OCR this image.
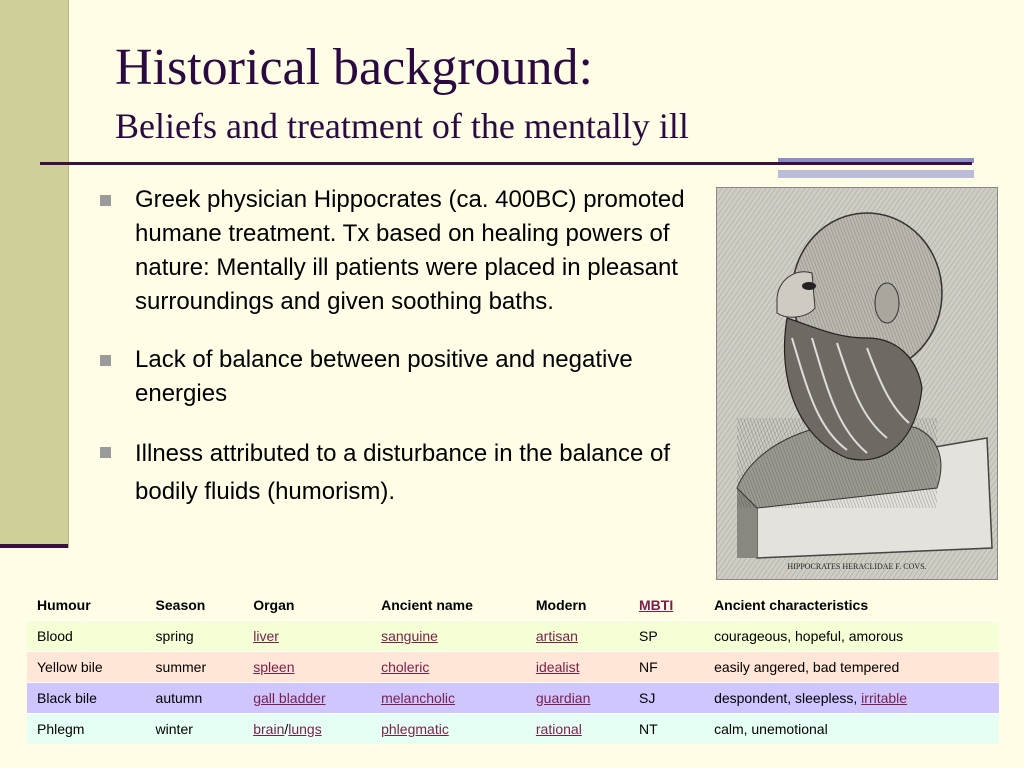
Historical background:
Beliefs and treatment of the mentally ill
Greek physician Hippocrates (ca. 400BC) promoted humane treatment. Tx based on healing powers of nature: Mentally ill patients were placed in pleasant surroundings and given soothing baths.
Lack of balance between positive and negative energies
Illness attributed to a disturbance in the balance of bodily fluids (humorism).
HIPPOCRATES HERACLIDAE F. COVS.
Humour	Season	Organ	Ancient name	Modern	MBTI	Ancient characteristics
Blood	spring	liver	sanguine	artisan	SP	courageous, hopeful, amorous
Yellow bile	summer	spleen	choleric	idealist	NF	easily angered, bad tempered
Black bile	autumn	gall bladder	melancholic	guardian	SJ	despondent, sleepless, irritable
Phlegm	winter	brain/lungs	phlegmatic	rational	NT	calm, unemotional
